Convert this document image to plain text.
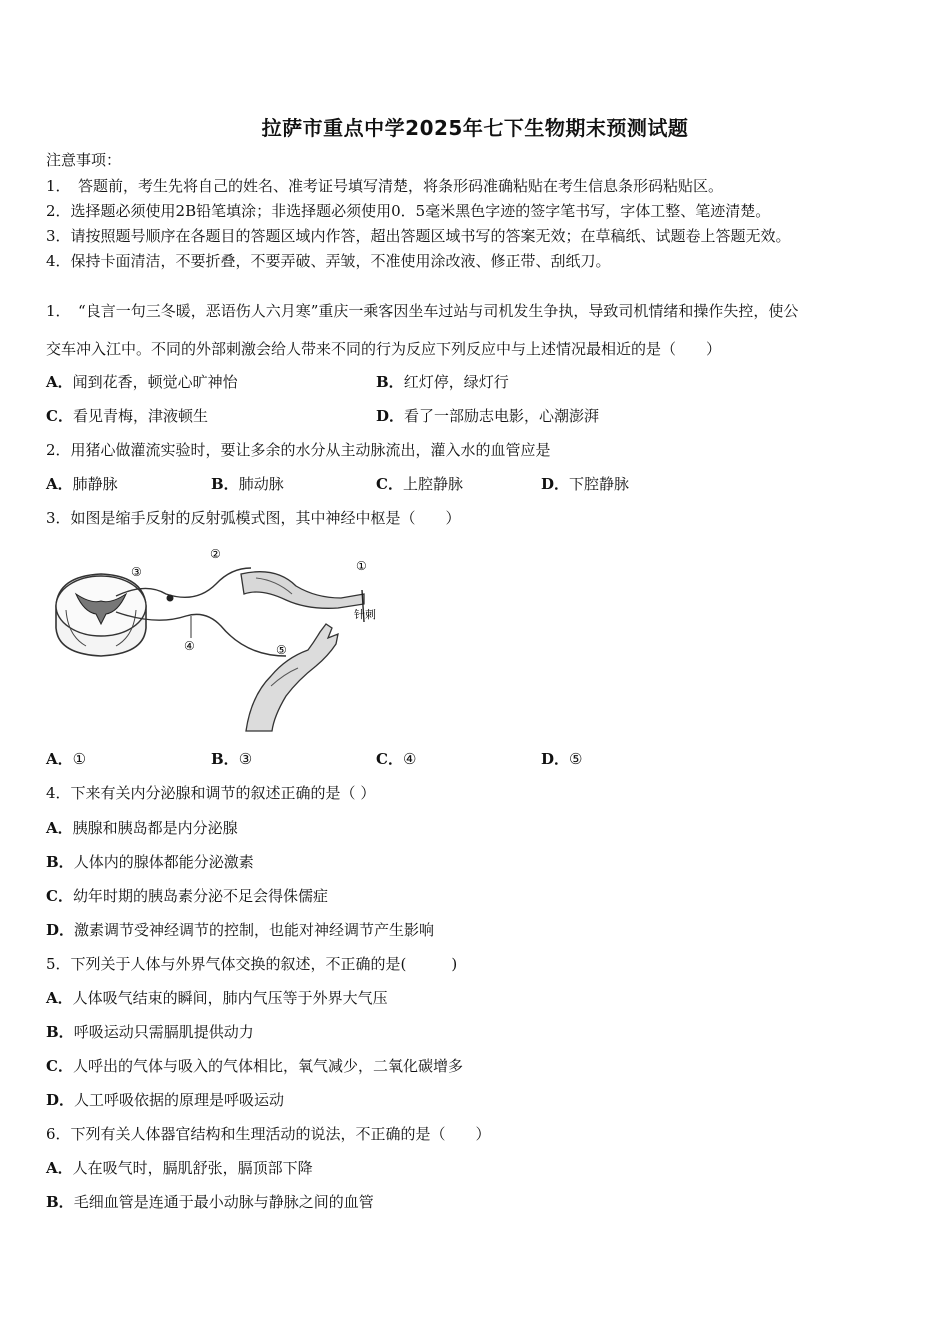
拉萨市重点中学2025年七下生物期末预测试题
注意事项：
1．　答题前，考生先将自己的姓名、准考证号填写清楚，将条形码准确粘贴在考生信息条形码粘贴区。
2．选择题必须使用2B铅笔填涂；非选择题必须使用0．5毫米黑色字迹的签字笔书写，字体工整、笔迹清楚。
3．请按照题号顺序在各题目的答题区域内作答，超出答题区域书写的答案无效；在草稿纸、试题卷上答题无效。
4．保持卡面清洁，不要折叠，不要弄破、弄皱，不准使用涂改液、修正带、刮纸刀。
1．　“良言一句三冬暖，恶语伤人六月寒”重庆一乘客因坐车过站与司机发生争执，导致司机情绪和操作失控，使公
交车冲入江中。不同的外部刺激会给人带来不同的行为反应下列反应中与上述情况最相近的是（　　）
A．闻到花香，顿觉心旷神怡	B．红灯停，绿灯行
C．看见青梅，津液顿生	D．看了一部励志电影，心潮澎湃
2．用猪心做灌流实验时，要让多余的水分从主动脉流出，灌入水的血管应是
A．肺静脉	B．肺动脉	C．上腔静脉	D．下腔静脉
3．如图是缩手反射的反射弧模式图，其中神经中枢是（　　）
③
②
①
④	⑤
针刺
A．①	B．③	C．④	D．⑤
4．下来有关内分泌腺和调节的叙述正确的是（ ）
A．胰腺和胰岛都是内分泌腺
B．人体内的腺体都能分泌激素
C．幼年时期的胰岛素分泌不足会得侏儒症
D．激素调节受神经调节的控制，也能对神经调节产生影响
5．下列关于人体与外界气体交换的叙述，不正确的是(　　　)
A．人体吸气结束的瞬间，肺内气压等于外界大气压
B．呼吸运动只需膈肌提供动力
C．人呼出的气体与吸入的气体相比，氧气减少，二氧化碳增多
D．人工呼吸依据的原理是呼吸运动
6．下列有关人体器官结构和生理活动的说法，不正确的是（　　）
A．人在吸气时，膈肌舒张，膈顶部下降
B．毛细血管是连通于最小动脉与静脉之间的血管
